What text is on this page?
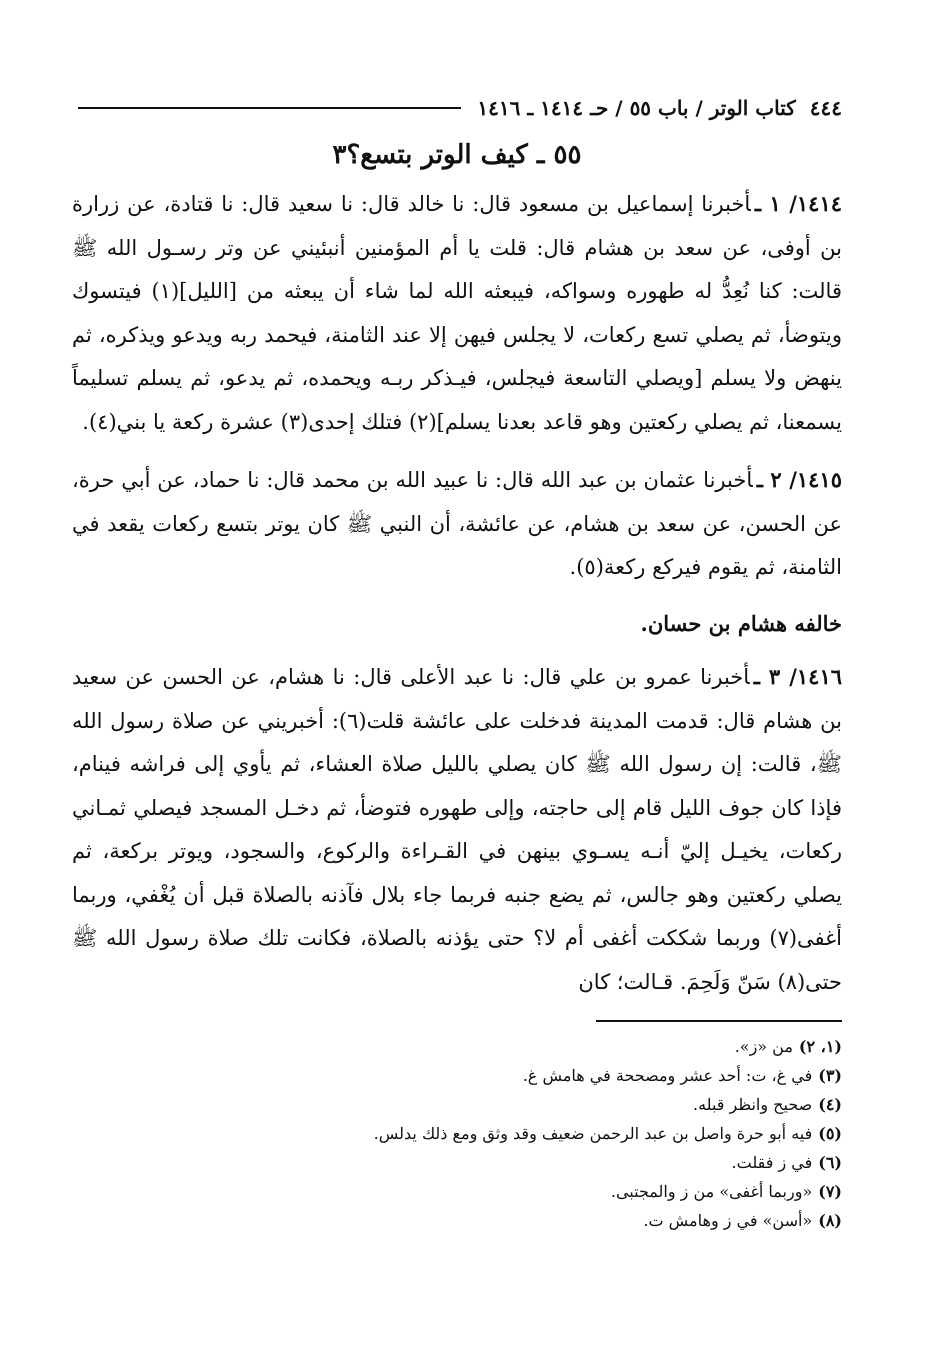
٤٤٤
كتاب الوتر / باب ٥٥ / حـ ١٤١٤ ـ ١٤١٦
٥٥ ـ كيف الوتر بتسع؟٣
١٤١٤/ ١ ـأخبرنا إسماعيل بن مسعود قال: نا خالد قال: نا سعيد قال: نا قتادة، عن زرارة بن أوفى، عن سعد بن هشام قال: قلت يا أم المؤمنين أنبئيني عن وتر رسـول الله ﷺ قالت: كنا نُعِدُّ له طهوره وسواكه، فيبعثه الله لما شاء أن يبعثه من [الليل](١) فيتسوك ويتوضأ، ثم يصلي تسع ركعات، لا يجلس فيهن إلا عند الثامنة، فيحمد ربه ويدعو ويذكره، ثم ينهض ولا يسلم [ويصلي التاسعة فيجلس، فيـذكر ربـه ويحمده، ثم يدعو، ثم يسلم تسليماً يسمعنا، ثم يصلي ركعتين وهو قاعد بعدنا يسلم](٢) فتلك إحدى(٣) عشرة ركعة يا بني(٤).
١٤١٥/ ٢ ـأخبرنا عثمان بن عبد الله قال: نا عبيد الله بن محمد قال: نا حماد، عن أبي حرة، عن الحسن، عن سعد بن هشام، عن عائشة، أن النبي ﷺ كان يوتر بتسع ركعات يقعد في الثامنة، ثم يقوم فيركع ركعة(٥).
خالفه هشام بن حسان.
١٤١٦/ ٣ ـأخبرنا عمرو بن علي قال: نا عبد الأعلى قال: نا هشام، عن الحسن عن سعيد بن هشام قال: قدمت المدينة فدخلت على عائشة قلت(٦): أخبريني عن صلاة رسول الله ﷺ، قالت: إن رسول الله ﷺ كان يصلي بالليل صلاة العشاء، ثم يأوي إلى فراشه فينام، فإذا كان جوف الليل قام إلى حاجته، وإلى طهوره فتوضأ، ثم دخـل المسجد فيصلي ثمـاني ركعات، يخيـل إليّ أنـه يسـوي بينهن في القـراءة والركوع، والسجود، ويوتر بركعة، ثم يصلي ركعتين وهو جالس، ثم يضع جنبه فربما جاء بلال فآذنه بالصلاة قبل أن يُغْفي، وربما أغفى(٧) وربما شككت أغفى أم لا؟ حتى يؤذنه بالصلاة، فكانت تلك صلاة رسول الله ﷺ حتى(٨) سَنّ وَلَحِمَ. قـالت؛ كان
(١، ٢)من «ز».
(٣)في غ، ت: أحد عشر ومصححة في هامش غ.
(٤)صحيح وانظر قبله.
(٥)فيه أبو حرة واصل بن عبد الرحمن ضعيف وقد وثق ومع ذلك يدلس.
(٦)في ز فقلت.
(٧)«وربما أغفى» من ز والمجتبى.
(٨)«أسن» في ز وهامش ت.
